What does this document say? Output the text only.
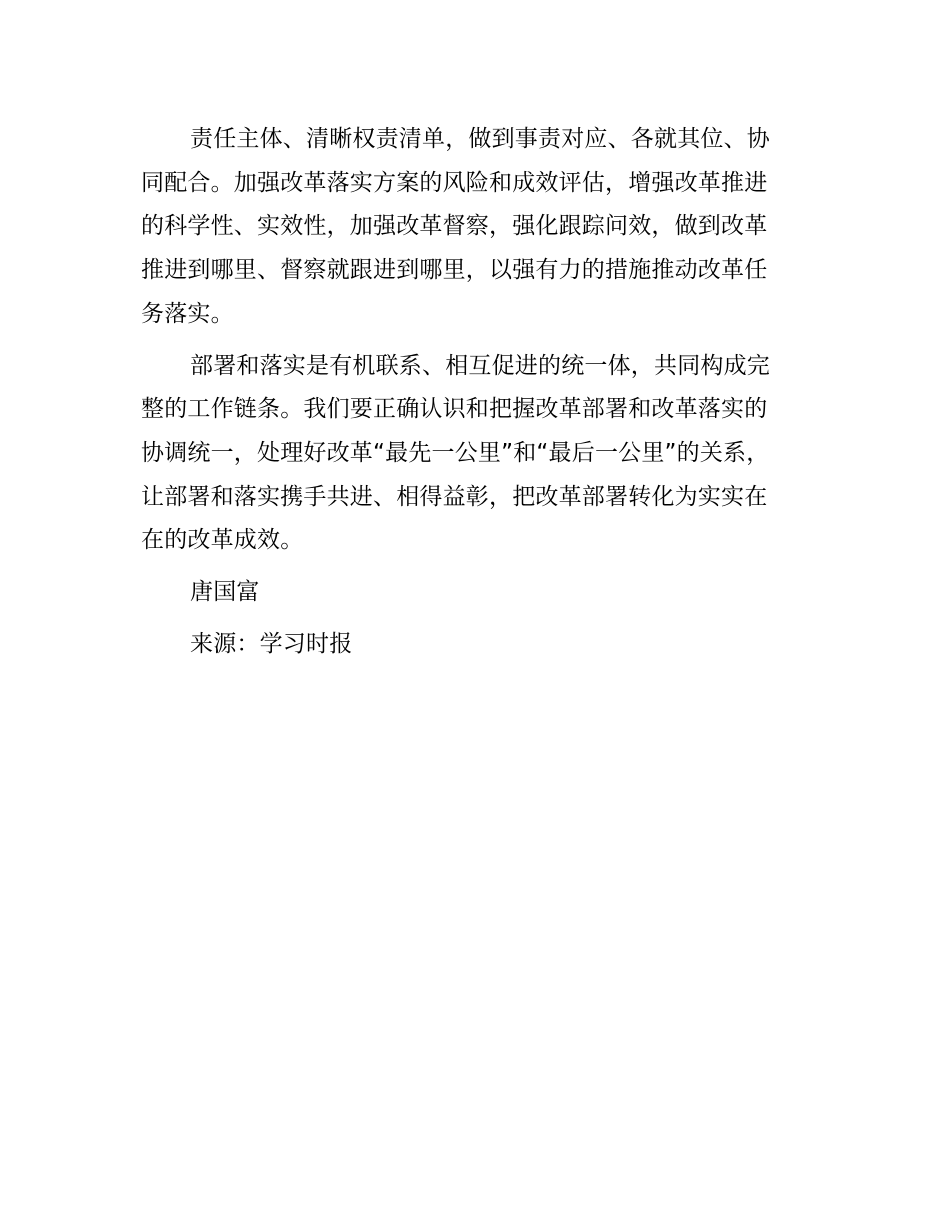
责任主体、清晰权责清单，做到事责对应、各就其位、协

同配合。加强改革落实方案的风险和成效评估，增强改革推进

的科学性、实效性，加强改革督察，强化跟踪问效，做到改革

推进到哪里、督察就跟进到哪里，以强有力的措施推动改革任

务落实。

部署和落实是有机联系、相互促进的统一体，共同构成完

整的工作链条。我们要正确认识和把握改革部署和改革落实的

协调统一，处理好改革“最先一公里”和“最后一公里”的关系，

让部署和落实携手共进、相得益彰，把改革部署转化为实实在

在的改革成效。

唐国富

来源：学习时报
